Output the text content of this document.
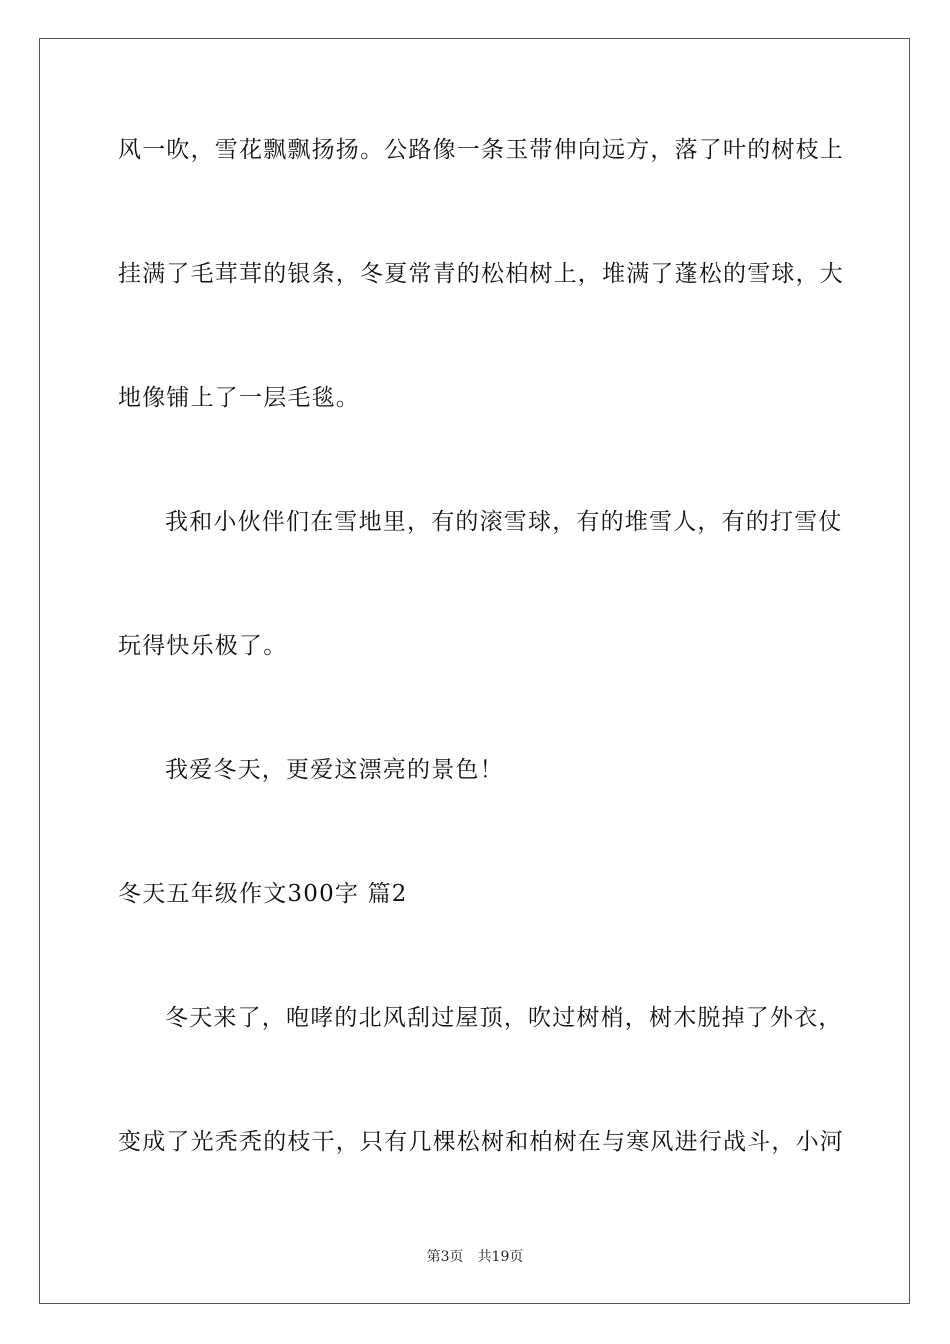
风一吹，雪花飘飘扬扬。公路像一条玉带伸向远方，落了叶的树枝上
挂满了毛茸茸的银条，冬夏常青的松柏树上，堆满了蓬松的雪球，大
地像铺上了一层毛毯。
我和小伙伴们在雪地里，有的滚雪球，有的堆雪人，有的打雪仗
玩得快乐极了。
我爱冬天，更爱这漂亮的景色！
冬天五年级作文300字 篇2
冬天来了，咆哮的北风刮过屋顶，吹过树梢，树木脱掉了外衣，
变成了光秃秃的枝干，只有几棵松树和柏树在与寒风进行战斗，小河
第3页　共19页
